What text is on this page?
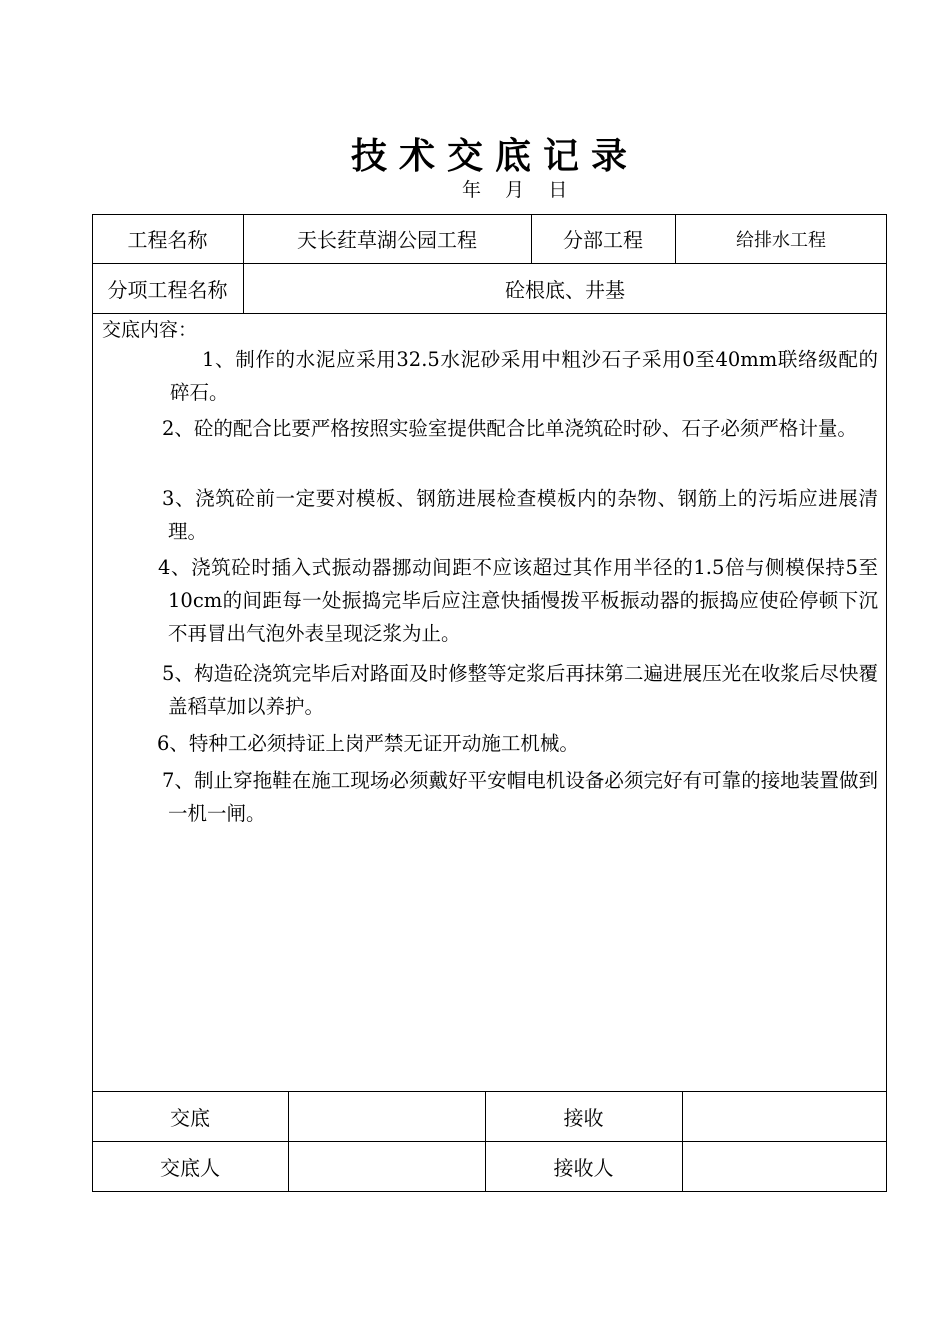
技术交底记录
年    月    日
工程名称	天长荭草湖公园工程	分部工程	给排水工程
分项工程名称	砼根底、井基
交底内容：
1、制作的水泥应采用32.5水泥砂采用中粗沙石子采用0至40mm联络级配的碎石。
2、砼的配合比要严格按照实验室提供配合比单浇筑砼时砂、石子必须严格计量。
3、浇筑砼前一定要对模板、钢筋进展检查模板内的杂物、钢筋上的污垢应进展清理。
4、浇筑砼时插入式振动器挪动间距不应该超过其作用半径的1.5倍与侧模保持5至10cm的间距每一处振捣完毕后应注意快插慢拨平板振动器的振捣应使砼停顿下沉不再冒出气泡外表呈现泛浆为止。
5、构造砼浇筑完毕后对路面及时修整等定浆后再抹第二遍进展压光在收浆后尽快覆盖稻草加以养护。
6、特种工必须持证上岗严禁无证开动施工机械。
7、制止穿拖鞋在施工现场必须戴好平安帽电机设备必须完好有可靠的接地装置做到一机一闸。
交底	接收
交底人	接收人
